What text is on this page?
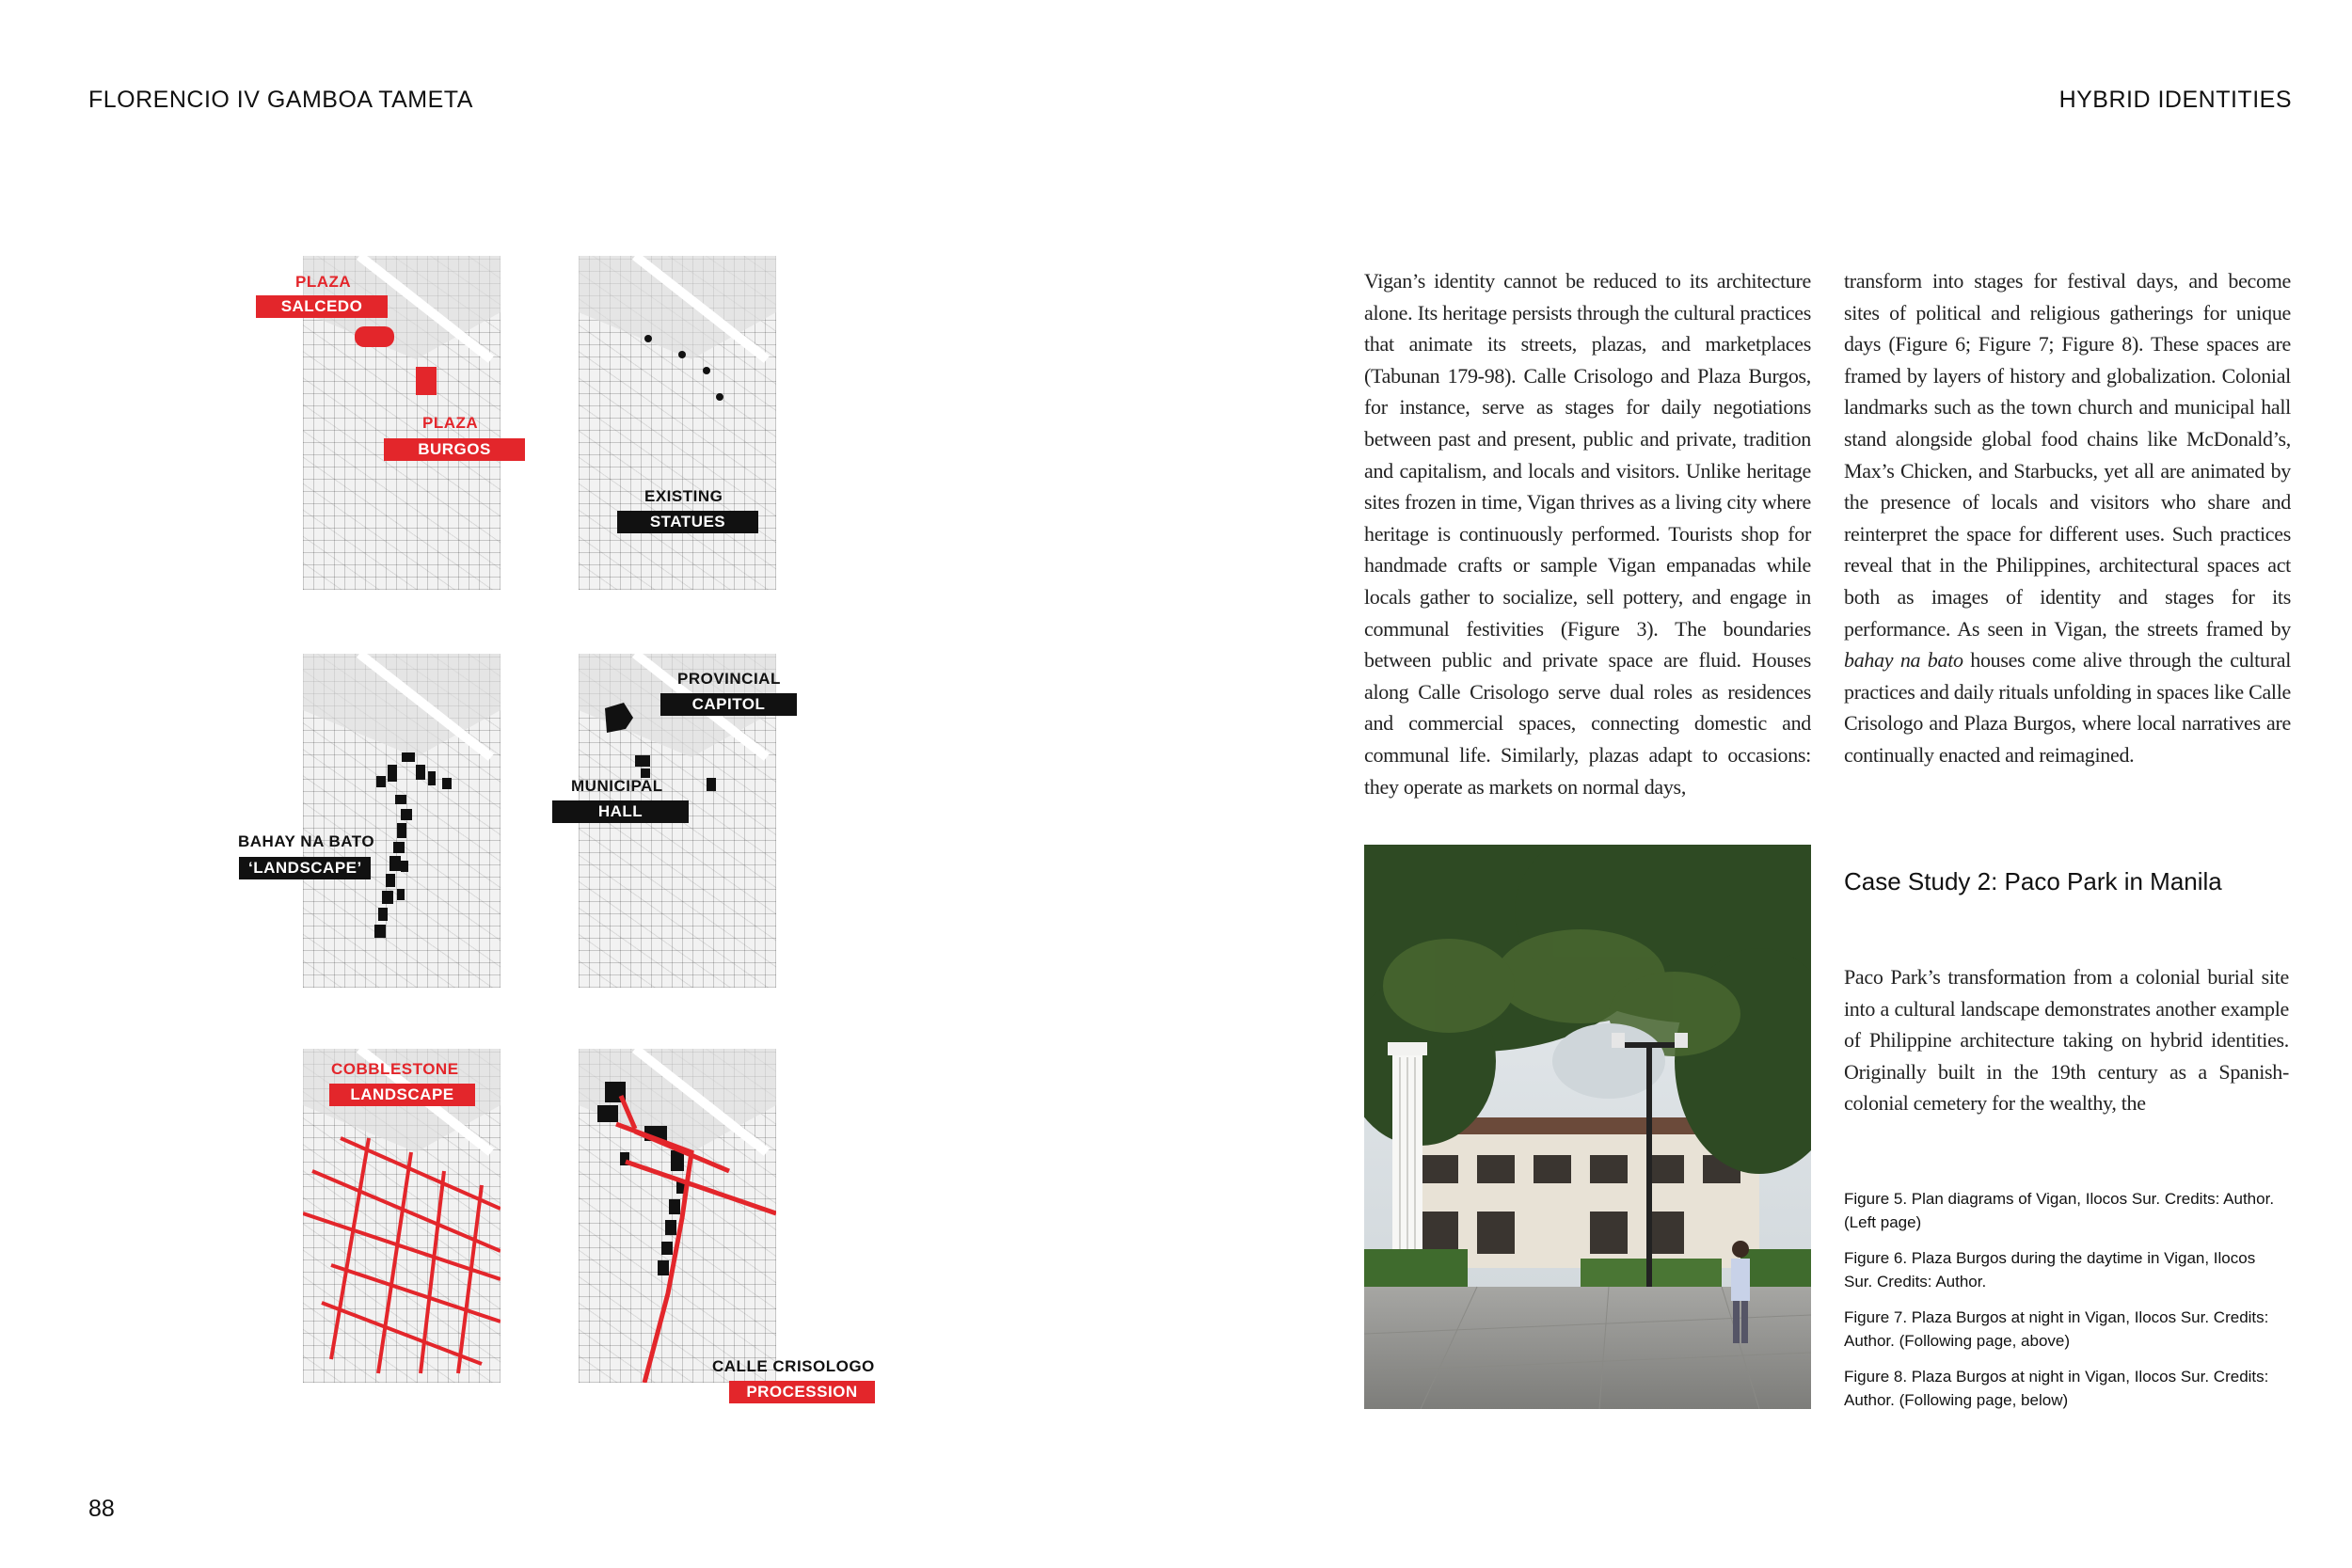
FLORENCIO IV GAMBOA TAMETA	HYBRID IDENTITIES
PLAZA
SALCEDO
PLAZA
BURGOS
EXISTING
STATUES
BAHAY NA BATO
‘LANDSCAPE’
PROVINCIAL
CAPITOL
MUNICIPAL
HALL
COBBLESTONE
LANDSCAPE
CALLE CRISOLOGO
PROCESSION
Vigan’s identity cannot be reduced to its architecture alone. Its heritage persists through the cultural practices that animate its streets, plazas, and marketplaces (Tabunan 179-98). Calle Crisologo and Plaza Burgos, for instance, serve as stages for daily negotiations between past and present, public and private, tradition and capitalism, and locals and visitors. Unlike heritage sites frozen in time, Vigan thrives as a living city where heritage is continuously performed. Tourists shop for handmade crafts or sample Vigan empanadas while locals gather to socialize, sell pottery, and engage in communal festivities (Figure 3). The boundaries between public and private space are fluid. Houses along Calle Crisologo serve dual roles as residences and commercial spaces, connecting domestic and communal life. Similarly, plazas adapt to occasions: they operate as markets on normal days,
transform into stages for festival days, and become sites of political and religious gatherings for unique days (Figure 6; Figure 7; Figure 8). These spaces are framed by layers of history and globalization. Colonial landmarks such as the town church and municipal hall stand alongside global food chains like McDonald’s, Max’s Chicken, and Starbucks, yet all are animated by the presence of locals and visitors who share and reinterpret the space for different uses. Such practices reveal that in the Philippines, architectural spaces act both as images of identity and stages for its performance. As seen in Vigan, the streets framed by bahay na bato houses come alive through the cultural practices and daily rituals unfolding in spaces like Calle Crisologo and Plaza Burgos, where local narratives are continually enacted and reimagined.
Case Study 2: Paco Park in Manila
Paco Park’s transformation from a colonial burial site into a cultural landscape demonstrates another example of Philippine architecture taking on hybrid identities. Originally built in the 19th century as a Spanish-colonial cemetery for the wealthy, the
Figure 5. Plan diagrams of Vigan, Ilocos Sur. Credits: Author. (Left page)
Figure 6. Plaza Burgos during the daytime in Vigan, Ilocos Sur. Credits: Author.
Figure 7. Plaza Burgos at night in Vigan, Ilocos Sur. Credits: Author. (Following page, above)
Figure 8. Plaza Burgos at night in Vigan, Ilocos Sur. Credits: Author. (Following page, below)
88
